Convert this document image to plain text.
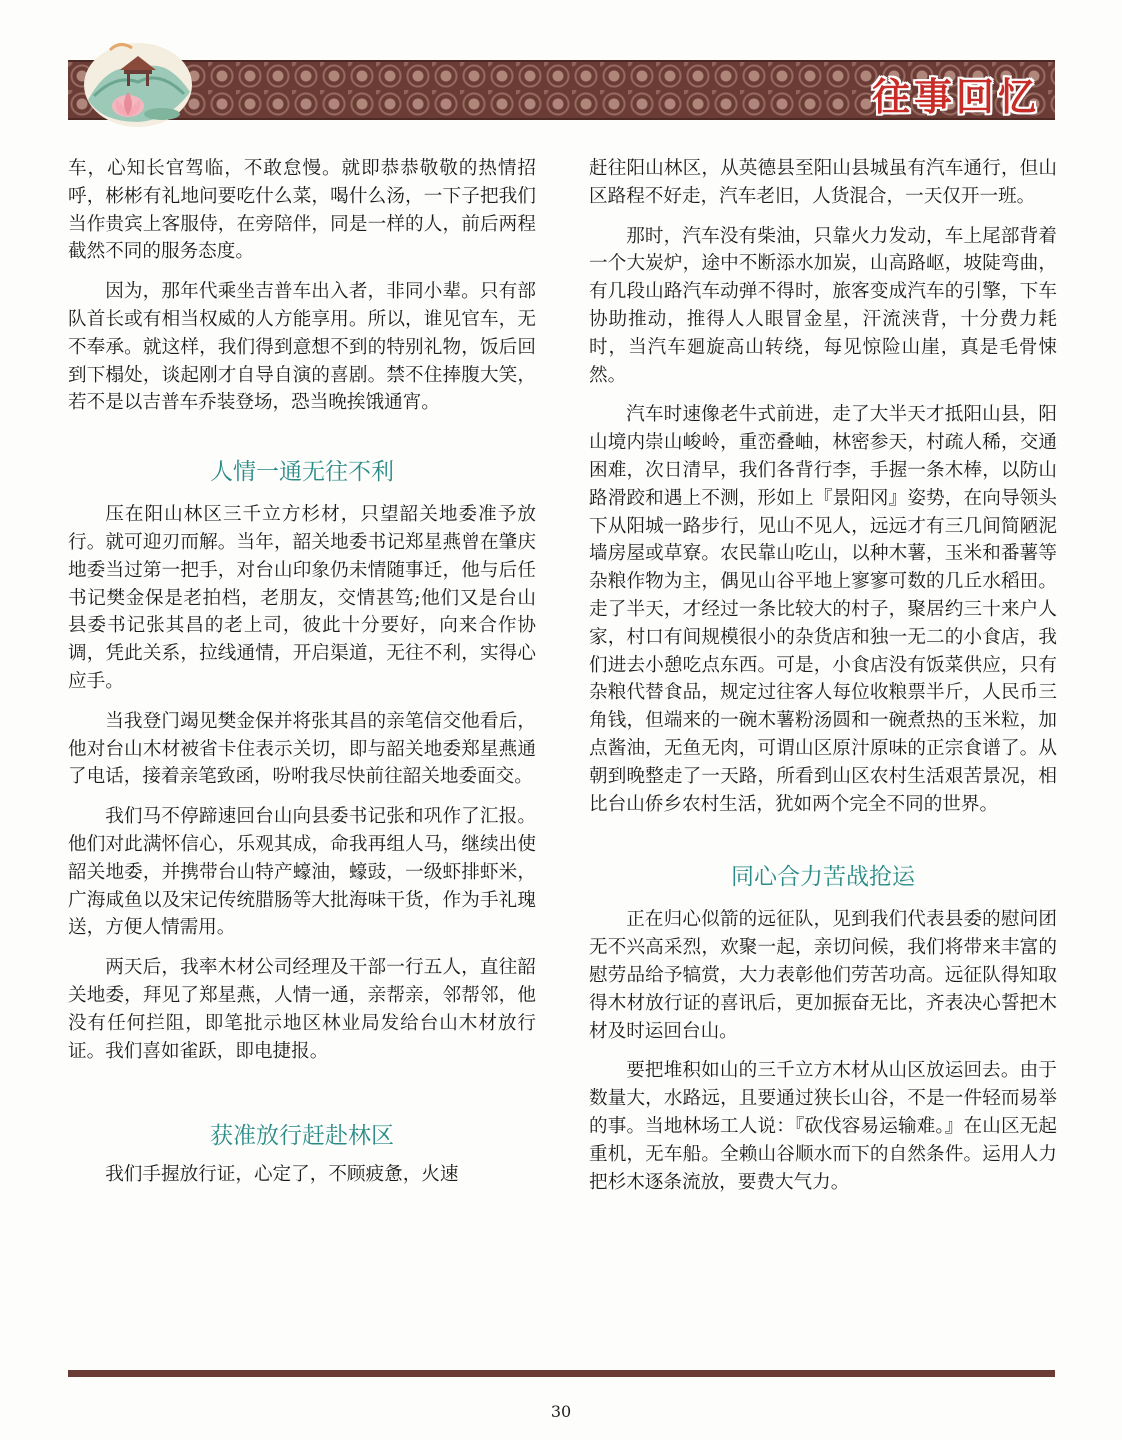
往事回忆

车，心知长官驾临，不敢怠慢。就即恭恭敬敬的热情招呼，彬彬有礼地问要吃什么菜，喝什么汤，一下子把我们当作贵宾上客服侍，在旁陪伴，同是一样的人，前后两程截然不同的服务态度。

因为，那年代乘坐吉普车出入者，非同小辈。只有部队首长或有相当权威的人方能享用。所以，谁见官车，无不奉承。就这样，我们得到意想不到的特别礼物，饭后回到下榻处，谈起刚才自导自演的喜剧。禁不住捧腹大笑，若不是以吉普车乔装登场，恐当晚挨饿通宵。

人情一通无往不利

压在阳山林区三千立方杉材，只望韶关地委准予放行。就可迎刃而解。当年，韶关地委书记郑星燕曾在肇庆地委当过第一把手，对台山印象仍未情随事迁，他与后任书记樊金保是老拍档，老朋友，交情甚笃;他们又是台山县委书记张其昌的老上司，彼此十分要好，向来合作协调，凭此关系，拉线通情，开启渠道，无往不利，实得心应手。

当我登门竭见樊金保并将张其昌的亲笔信交他看后，他对台山木材被省卡住表示关切，即与韶关地委郑星燕通了电话，接着亲笔致函，吩咐我尽快前往韶关地委面交。

我们马不停蹄速回台山向县委书记张和巩作了汇报。他们对此满怀信心，乐观其成，命我再组人马，继续出使韶关地委，并携带台山特产蠔油，蠔豉，一级虾排虾米，广海咸鱼以及宋记传统腊肠等大批海味干货，作为手礼瑰送，方便人情需用。

两天后，我率木材公司经理及干部一行五人，直往韶关地委，拜见了郑星燕，人情一通，亲帮亲，邻帮邻，他没有任何拦阻，即笔批示地区林业局发给台山木材放行证。我们喜如雀跃，即电捷报。

获准放行赶赴林区

我们手握放行证，心定了，不顾疲惫，火速

赶往阳山林区，从英德县至阳山县城虽有汽车通行，但山区路程不好走，汽车老旧，人货混合，一天仅开一班。

那时，汽车没有柴油，只靠火力发动，车上尾部背着一个大炭炉，途中不断添水加炭，山高路岖，坡陡弯曲，有几段山路汽车动弹不得时，旅客变成汽车的引擎，下车协助推动，推得人人眼冒金星，汗流浃背，十分费力耗时，当汽车廻旋高山转绕，每见惊险山崖，真是毛骨悚然。

汽车时速像老牛式前进，走了大半天才抵阳山县，阳山境内崇山峻岭，重峦叠岫，林密参天，村疏人稀，交通困难，次日清早，我们各背行李，手握一条木棒，以防山路滑跤和遇上不测，形如上『景阳冈』姿势，在向导领头下从阳城一路步行，见山不见人，远远才有三几间简陋泥墙房屋或草寮。农民靠山吃山，以种木薯，玉米和番薯等杂粮作物为主，偶见山谷平地上寥寥可数的几丘水稻田。走了半天，才经过一条比较大的村子，聚居约三十来户人家，村口有间规模很小的杂货店和独一无二的小食店，我们进去小憩吃点东西。可是，小食店没有饭菜供应，只有杂粮代替食品，规定过往客人每位收粮票半斤，人民币三角钱，但端来的一碗木薯粉汤圆和一碗煮热的玉米粒，加点酱油，无鱼无肉，可谓山区原汁原味的正宗食谱了。从朝到晚整走了一天路，所看到山区农村生活艰苦景况，相比台山侨乡农村生活，犹如两个完全不同的世界。

同心合力苦战抢运

正在归心似箭的远征队，见到我们代表县委的慰问团无不兴高采烈，欢聚一起，亲切问候，我们将带来丰富的慰劳品给予犒赏，大力表彰他们劳苦功高。远征队得知取得木材放行证的喜讯后，更加振奋无比，齐表决心誓把木材及时运回台山。

要把堆积如山的三千立方木材从山区放运回去。由于数量大，水路远，且要通过狭长山谷，不是一件轻而易举的事。当地林场工人说：『砍伐容易运输难。』在山区无起重机，无车船。全赖山谷顺水而下的自然条件。运用人力把杉木逐条流放，要费大气力。

30
